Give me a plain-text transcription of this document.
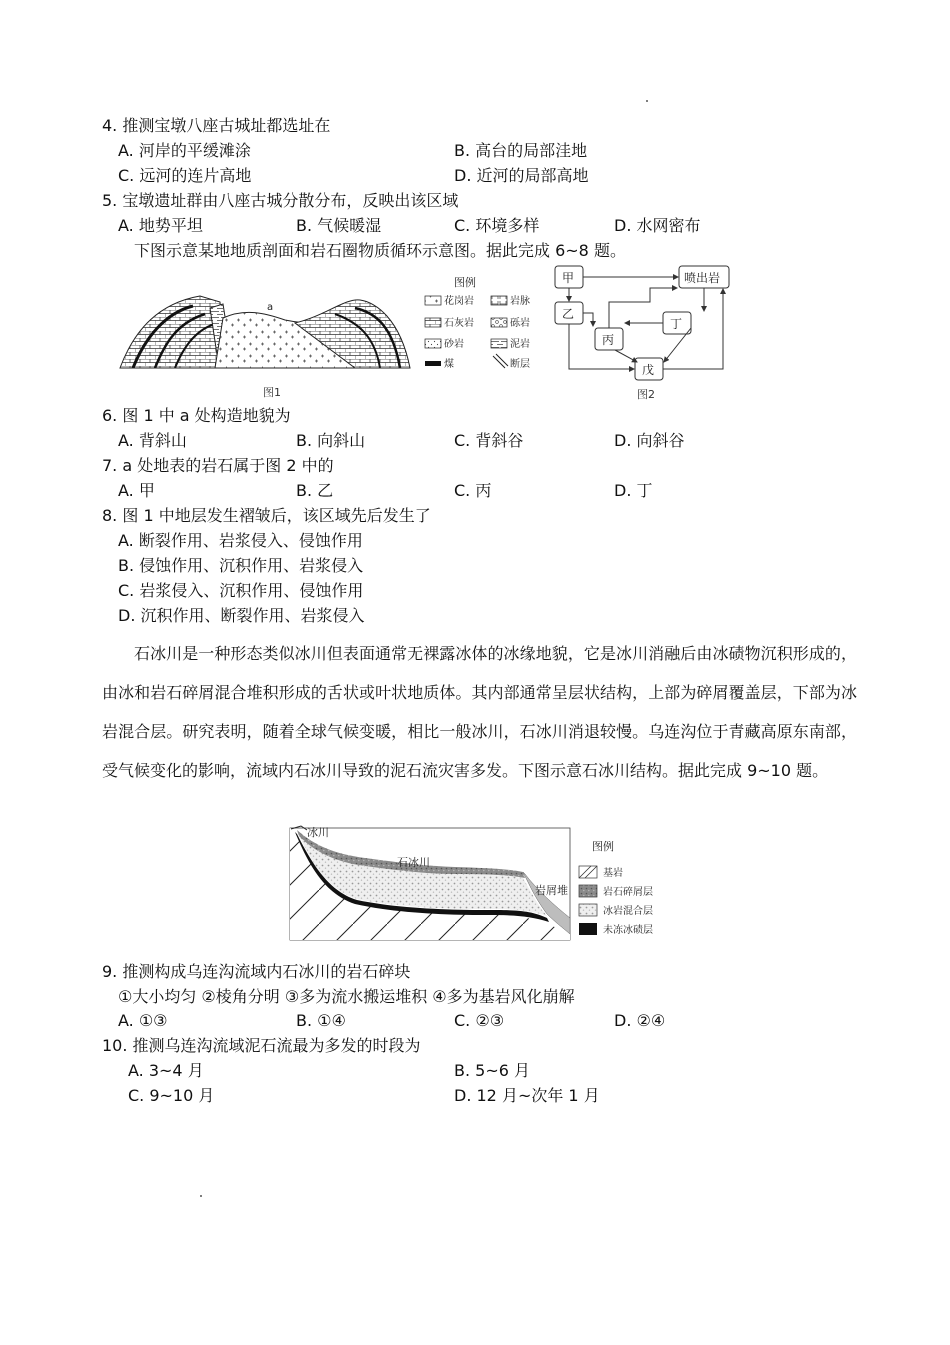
4. 推测宝墩八座古城址都选址在
A. 河岸的平缓滩涂	B. 高台的局部洼地
C. 远河的连片高地	D. 近河的局部高地
5. 宝墩遗址群由八座古城分散分布，反映出该区域
A. 地势平坦	B. 气候暖湿	C. 环境多样	D. 水网密布
下图示意某地地质剖面和岩石圈物质循环示意图。据此完成 6~8 题。
a
图1
图例
花岗岩	岩脉
石灰岩	砾岩
砂岩	泥岩
煤	断层
甲
乙
丙
丁
戊
喷出岩
图2
6. 图 1 中 a 处构造地貌为
A. 背斜山	B. 向斜山	C. 背斜谷	D. 向斜谷
7. a 处地表的岩石属于图 2 中的
A. 甲	B. 乙	C. 丙	D. 丁
8. 图 1 中地层发生褶皱后，该区域先后发生了
A. 断裂作用、岩浆侵入、侵蚀作用
B. 侵蚀作用、沉积作用、岩浆侵入
C. 岩浆侵入、沉积作用、侵蚀作用
D. 沉积作用、断裂作用、岩浆侵入
石冰川是一种形态类似冰川但表面通常无裸露冰体的冰缘地貌，它是冰川消融后由冰碛物沉积形成的，由冰和岩石碎屑混合堆积形成的舌状或叶状地质体。其内部通常呈层状结构，上部为碎屑覆盖层，下部为冰岩混合层。研究表明，随着全球气候变暖，相比一般冰川，石冰川消退较慢。乌连沟位于青藏高原东南部，受气候变化的影响，流域内石冰川导致的泥石流灾害多发。下图示意石冰川结构。据此完成 9~10 题。
冰川
石冰川
岩屑堆
图例
基岩
岩石碎屑层
冰岩混合层
未冻冰碛层
9. 推测构成乌连沟流域内石冰川的岩石碎块
①大小均匀 ②棱角分明 ③多为流水搬运堆积 ④多为基岩风化崩解
A. ①③	B. ①④	C. ②③	D. ②④
10. 推测乌连沟流域泥石流最为多发的时段为
A. 3~4 月	B. 5~6 月
C. 9~10 月	D. 12 月~次年 1 月
